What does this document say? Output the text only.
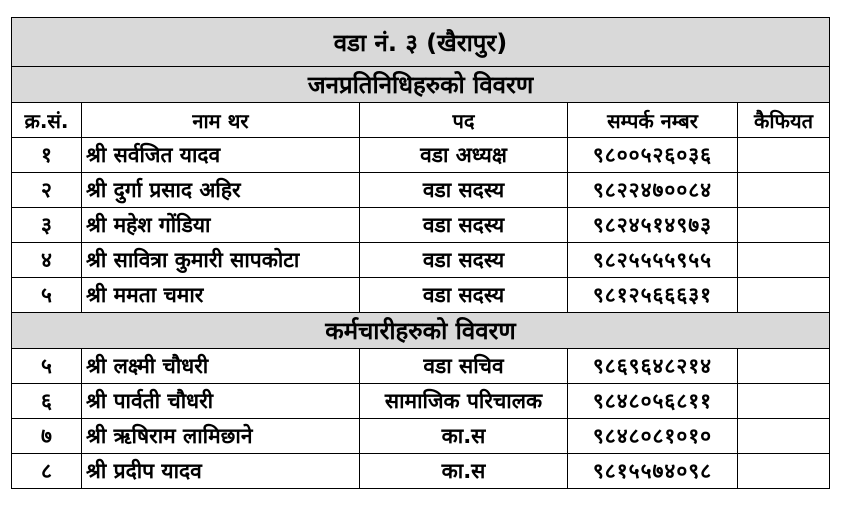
वडा नं. ३ (खैरापुर)				
जनप्रतिनिधिहरुको विवरण				
क्र.सं.	नाम थर	पद	सम्पर्क नम्बर	कैफियत
१	श्री सर्वजित यादव	वडा अध्यक्ष	९८००५२६०३६	
२	श्री दुर्गा प्रसाद अहिर	वडा सदस्य	९८२२४७००८४	
३	श्री महेश गोंडिया	वडा सदस्य	९८२४५१४९७३	
४	श्री सावित्रा कुमारी सापकोटा	वडा सदस्य	९८२५५५५९५५	
५	श्री ममता चमार	वडा सदस्य	९८१२५६६६३१	
कर्मचारीहरुको विवरण				
५	श्री लक्ष्मी चौधरी	वडा सचिव	९८६९६४८२१४	
६	श्री पार्वती चौधरी	सामाजिक परिचालक	९८४८०५६८११	
७	श्री ऋषिराम लामिछाने	का.स	९८४८०८१०१०	
८	श्री प्रदीप यादव	का.स	९८१५५७४०९८	
